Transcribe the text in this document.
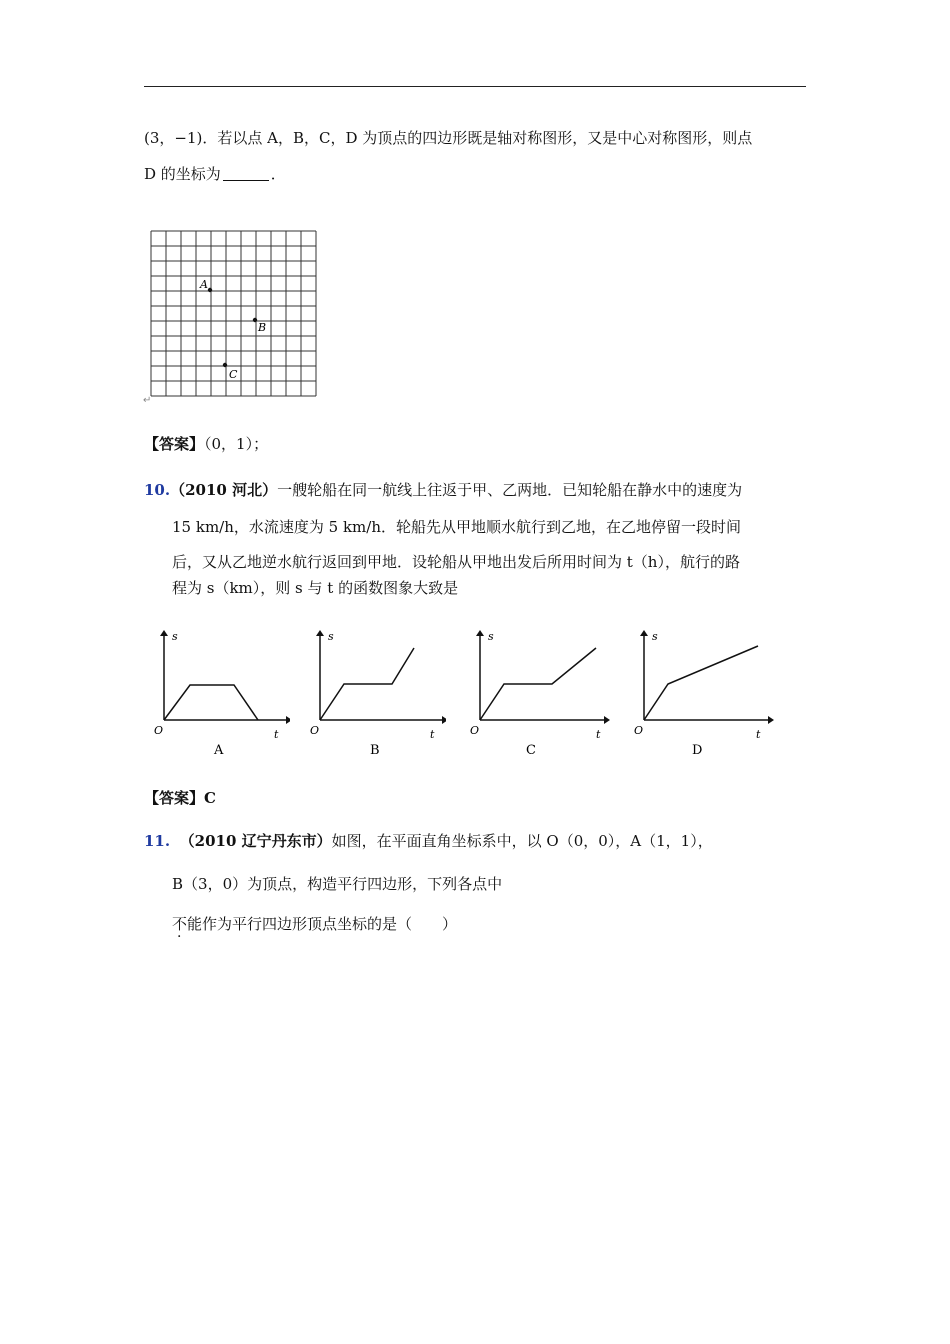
(3，−1)．若以点 A，B，C，D 为顶点的四边形既是轴对称图形，又是中心对称图形，则点
D 的坐标为	．
A
B
C
↵
【答案】（0，1）；
10.（2010 河北）一艘轮船在同一航线上往返于甲、乙两地．已知轮船在静水中的速度为
15 km/h，水流速度为 5 km/h．轮船先从甲地顺水航行到乙地，在乙地停留一段时间
后，又从乙地逆水航行返回到甲地．设轮船从甲地出发后所用时间为 t（h），航行的路
程为 s（km），则 s 与 t 的函数图象大致是
s
O	t
A
s
O	t
B
s
O	t
C
s
O	t
D
【答案】C
11. （2010 辽宁丹东市）如图，在平面直角坐标系中，以 O（0，0），A（1，1），
B（3，0）为顶点，构造平行四边形，下列各点中
不能作为平行四边形顶点坐标的是（　　）
